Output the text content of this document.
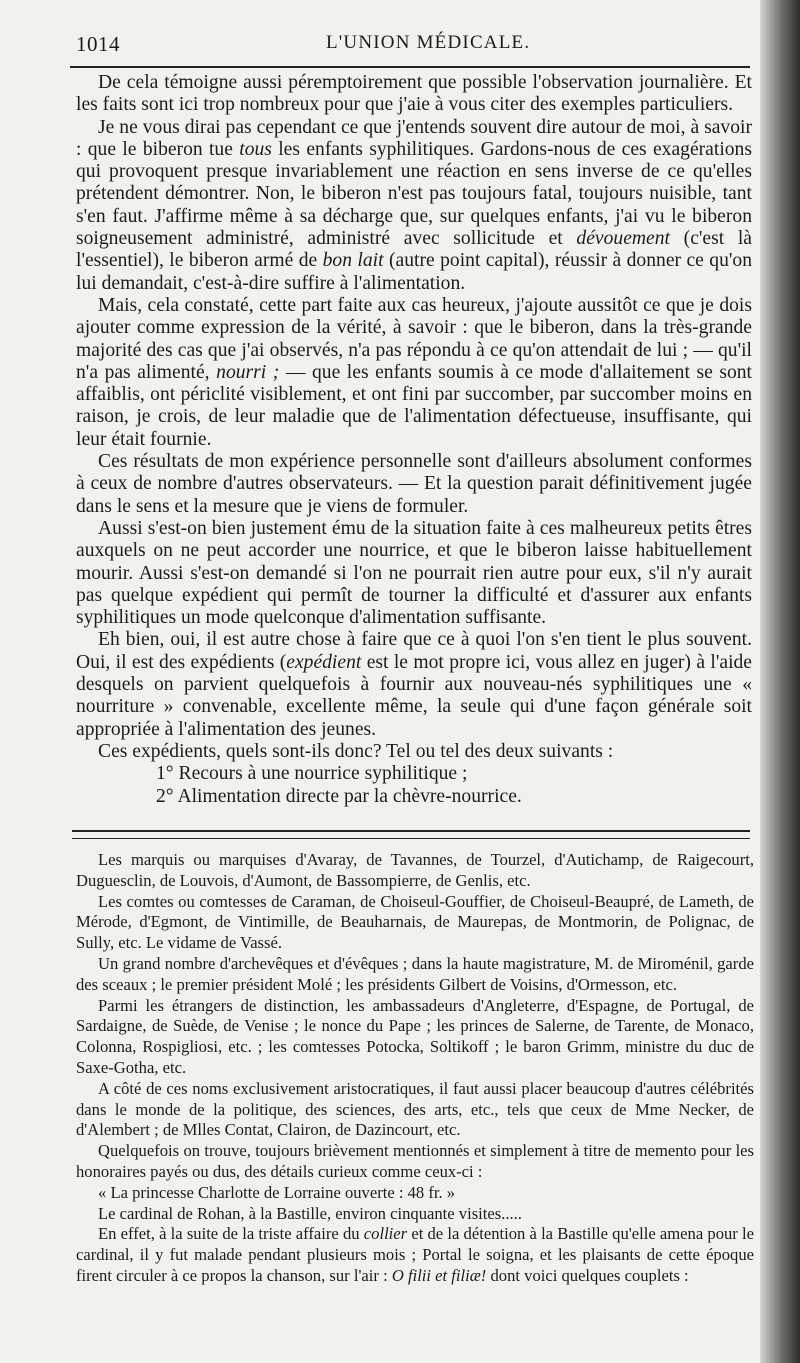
1014	L'UNION MÉDICALE.

De cela témoigne aussi péremptoirement que possible l'observation journalière. Et les faits sont ici trop nombreux pour que j'aie à vous citer des exemples particuliers.

Je ne vous dirai pas cependant ce que j'entends souvent dire autour de moi, à savoir : que le biberon tue tous les enfants syphilitiques. Gardons-nous de ces exagérations qui provoquent presque invariablement une réaction en sens inverse de ce qu'elles prétendent démontrer. Non, le biberon n'est pas toujours fatal, toujours nuisible, tant s'en faut. J'affirme même à sa décharge que, sur quelques enfants, j'ai vu le biberon soigneusement administré, administré avec sollicitude et dévouement (c'est là l'essentiel), le biberon armé de bon lait (autre point capital), réussir à donner ce qu'on lui demandait, c'est-à-dire suffire à l'alimentation.

Mais, cela constaté, cette part faite aux cas heureux, j'ajoute aussitôt ce que je dois ajouter comme expression de la vérité, à savoir : que le biberon, dans la très-grande majorité des cas que j'ai observés, n'a pas répondu à ce qu'on attendait de lui ; — qu'il n'a pas alimenté, nourri ; — que les enfants soumis à ce mode d'allaitement se sont affaiblis, ont périclité visiblement, et ont fini par succomber, par succomber moins en raison, je crois, de leur maladie que de l'alimentation défectueuse, insuffisante, qui leur était fournie.

Ces résultats de mon expérience personnelle sont d'ailleurs absolument conformes à ceux de nombre d'autres observateurs. — Et la question parait définitivement jugée dans le sens et la mesure que je viens de formuler.

Aussi s'est-on bien justement ému de la situation faite à ces malheureux petits êtres auxquels on ne peut accorder une nourrice, et que le biberon laisse habituellement mourir. Aussi s'est-on demandé si l'on ne pourrait rien autre pour eux, s'il n'y aurait pas quelque expédient qui permît de tourner la difficulté et d'assurer aux enfants syphilitiques un mode quelconque d'alimentation suffisante.

Eh bien, oui, il est autre chose à faire que ce à quoi l'on s'en tient le plus souvent. Oui, il est des expédients (expédient est le mot propre ici, vous allez en juger) à l'aide desquels on parvient quelquefois à fournir aux nouveau-nés syphilitiques une « nourriture » convenable, excellente même, la seule qui d'une façon générale soit appropriée à l'alimentation des jeunes.

Ces expédients, quels sont-ils donc? Tel ou tel des deux suivants :

1° Recours à une nourrice syphilitique ;

2° Alimentation directe par la chèvre-nourrice.

Les marquis ou marquises d'Avaray, de Tavannes, de Tourzel, d'Autichamp, de Raigecourt, Duguesclin, de Louvois, d'Aumont, de Bassompierre, de Genlis, etc.

Les comtes ou comtesses de Caraman, de Choiseul-Gouffier, de Choiseul-Beaupré, de Lameth, de Mérode, d'Egmont, de Vintimille, de Beauharnais, de Maurepas, de Montmorin, de Polignac, de Sully, etc. Le vidame de Vassé.

Un grand nombre d'archevêques et d'évêques ; dans la haute magistrature, M. de Miroménil, garde des sceaux ; le premier président Molé ; les présidents Gilbert de Voisins, d'Ormesson, etc.

Parmi les étrangers de distinction, les ambassadeurs d'Angleterre, d'Espagne, de Portugal, de Sardaigne, de Suède, de Venise ; le nonce du Pape ; les princes de Salerne, de Tarente, de Monaco, Colonna, Rospigliosi, etc. ; les comtesses Potocka, Soltikoff ; le baron Grimm, ministre du duc de Saxe-Gotha, etc.

A côté de ces noms exclusivement aristocratiques, il faut aussi placer beaucoup d'autres célébrités dans le monde de la politique, des sciences, des arts, etc., tels que ceux de Mme Necker, de d'Alembert ; de Mlles Contat, Clairon, de Dazincourt, etc.

Quelquefois on trouve, toujours brièvement mentionnés et simplement à titre de memento pour les honoraires payés ou dus, des détails curieux comme ceux-ci :

« La princesse Charlotte de Lorraine ouverte : 48 fr. »

Le cardinal de Rohan, à la Bastille, environ cinquante visites.....

En effet, à la suite de la triste affaire du collier et de la détention à la Bastille qu'elle amena pour le cardinal, il y fut malade pendant plusieurs mois ; Portal le soigna, et les plaisants de cette époque firent circuler à ce propos la chanson, sur l'air : O filii et filiæ! dont voici quelques couplets :
